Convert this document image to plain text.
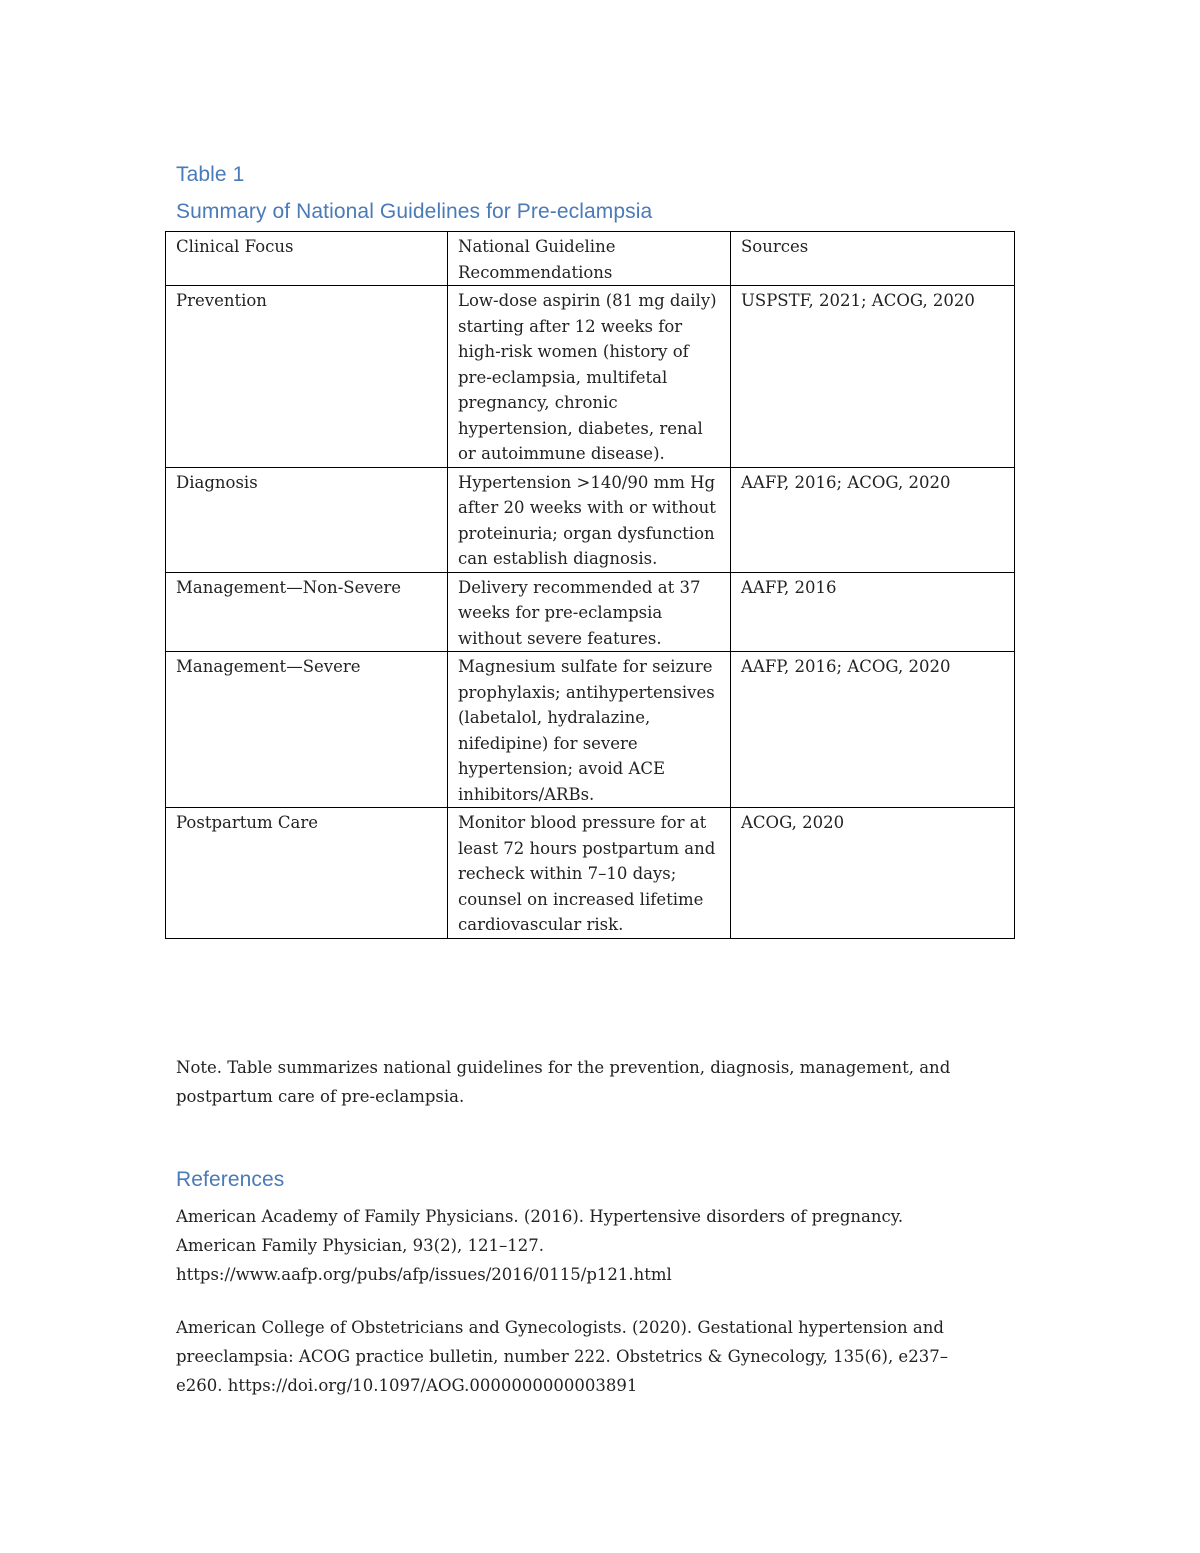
Table 1
Summary of National Guidelines for Pre-eclampsia
Clinical Focus	National Guideline Recommendations	Sources
Prevention	Low-dose aspirin (81 mg daily) starting after 12 weeks for high-risk women (history of pre-eclampsia, multifetal pregnancy, chronic hypertension, diabetes, renal or autoimmune disease).	USPSTF, 2021; ACOG, 2020
Diagnosis	Hypertension >140/90 mm Hg after 20 weeks with or without proteinuria; organ dysfunction can establish diagnosis.	AAFP, 2016; ACOG, 2020
Management—Non-Severe	Delivery recommended at 37 weeks for pre-eclampsia without severe features.	AAFP, 2016
Management—Severe	Magnesium sulfate for seizure prophylaxis; antihypertensives (labetalol, hydralazine, nifedipine) for severe hypertension; avoid ACE inhibitors/ARBs.	AAFP, 2016; ACOG, 2020
Postpartum Care	Monitor blood pressure for at least 72 hours postpartum and recheck within 7–10 days; counsel on increased lifetime cardiovascular risk.	ACOG, 2020

Note. Table summarizes national guidelines for the prevention, diagnosis, management, and postpartum care of pre-eclampsia.

References

American Academy of Family Physicians. (2016). Hypertensive disorders of pregnancy.
American Family Physician, 93(2), 121–127.
https://www.aafp.org/pubs/afp/issues/2016/0115/p121.html

American College of Obstetricians and Gynecologists. (2020). Gestational hypertension and
preeclampsia: ACOG practice bulletin, number 222. Obstetrics & Gynecology, 135(6), e237–
e260. https://doi.org/10.1097/AOG.0000000000003891
